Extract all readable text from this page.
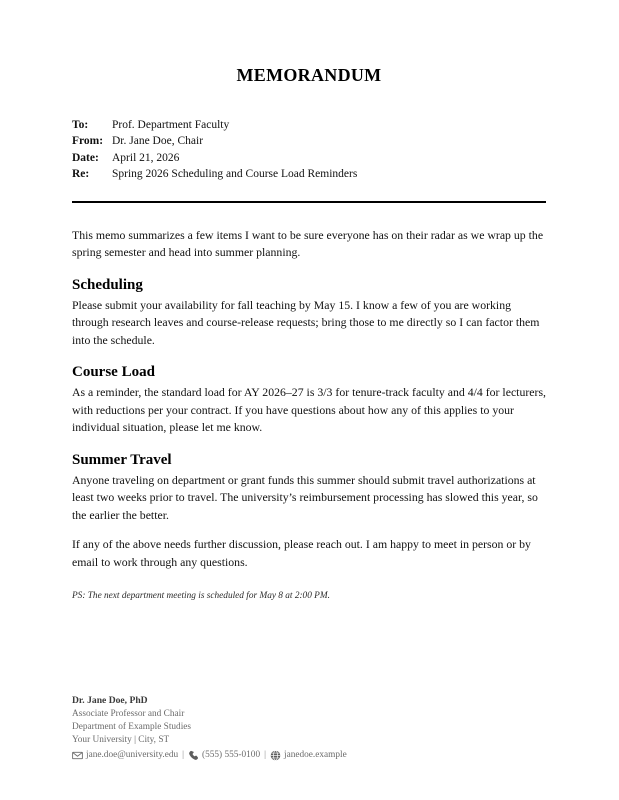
MEMORANDUM
To:	Prof. Department Faculty
From: Dr. Jane Doe, Chair
Date:	April 21, 2026
Re:	Spring 2026 Scheduling and Course Load Reminders

This memo summarizes a few items I want to be sure everyone has on their radar as we wrap up the spring semester and head into summer planning.

Scheduling

Please submit your availability for fall teaching by May 15. I know a few of you are working through research leaves and course-release requests; bring those to me directly so I can factor them into the schedule.

Course Load

As a reminder, the standard load for AY 2026–27 is 3/3 for tenure-track faculty and 4/4 for lecturers, with reductions per your contract. If you have questions about how any of this applies to your individual situation, please let me know.

Summer Travel

Anyone traveling on department or grant funds this summer should submit travel authorizations at least two weeks prior to travel. The university’s reimbursement processing has slowed this year, so the earlier the better.

If any of the above needs further discussion, please reach out. I am happy to meet in person or by email to work through any questions.

PS: The next department meeting is scheduled for May 8 at 2:00 PM.

Dr. Jane Doe, PhD
Associate Professor and Chair
Department of Example Studies
Your University | City, ST
jane.doe@university.edu | (555) 555-0100 | janedoe.example
